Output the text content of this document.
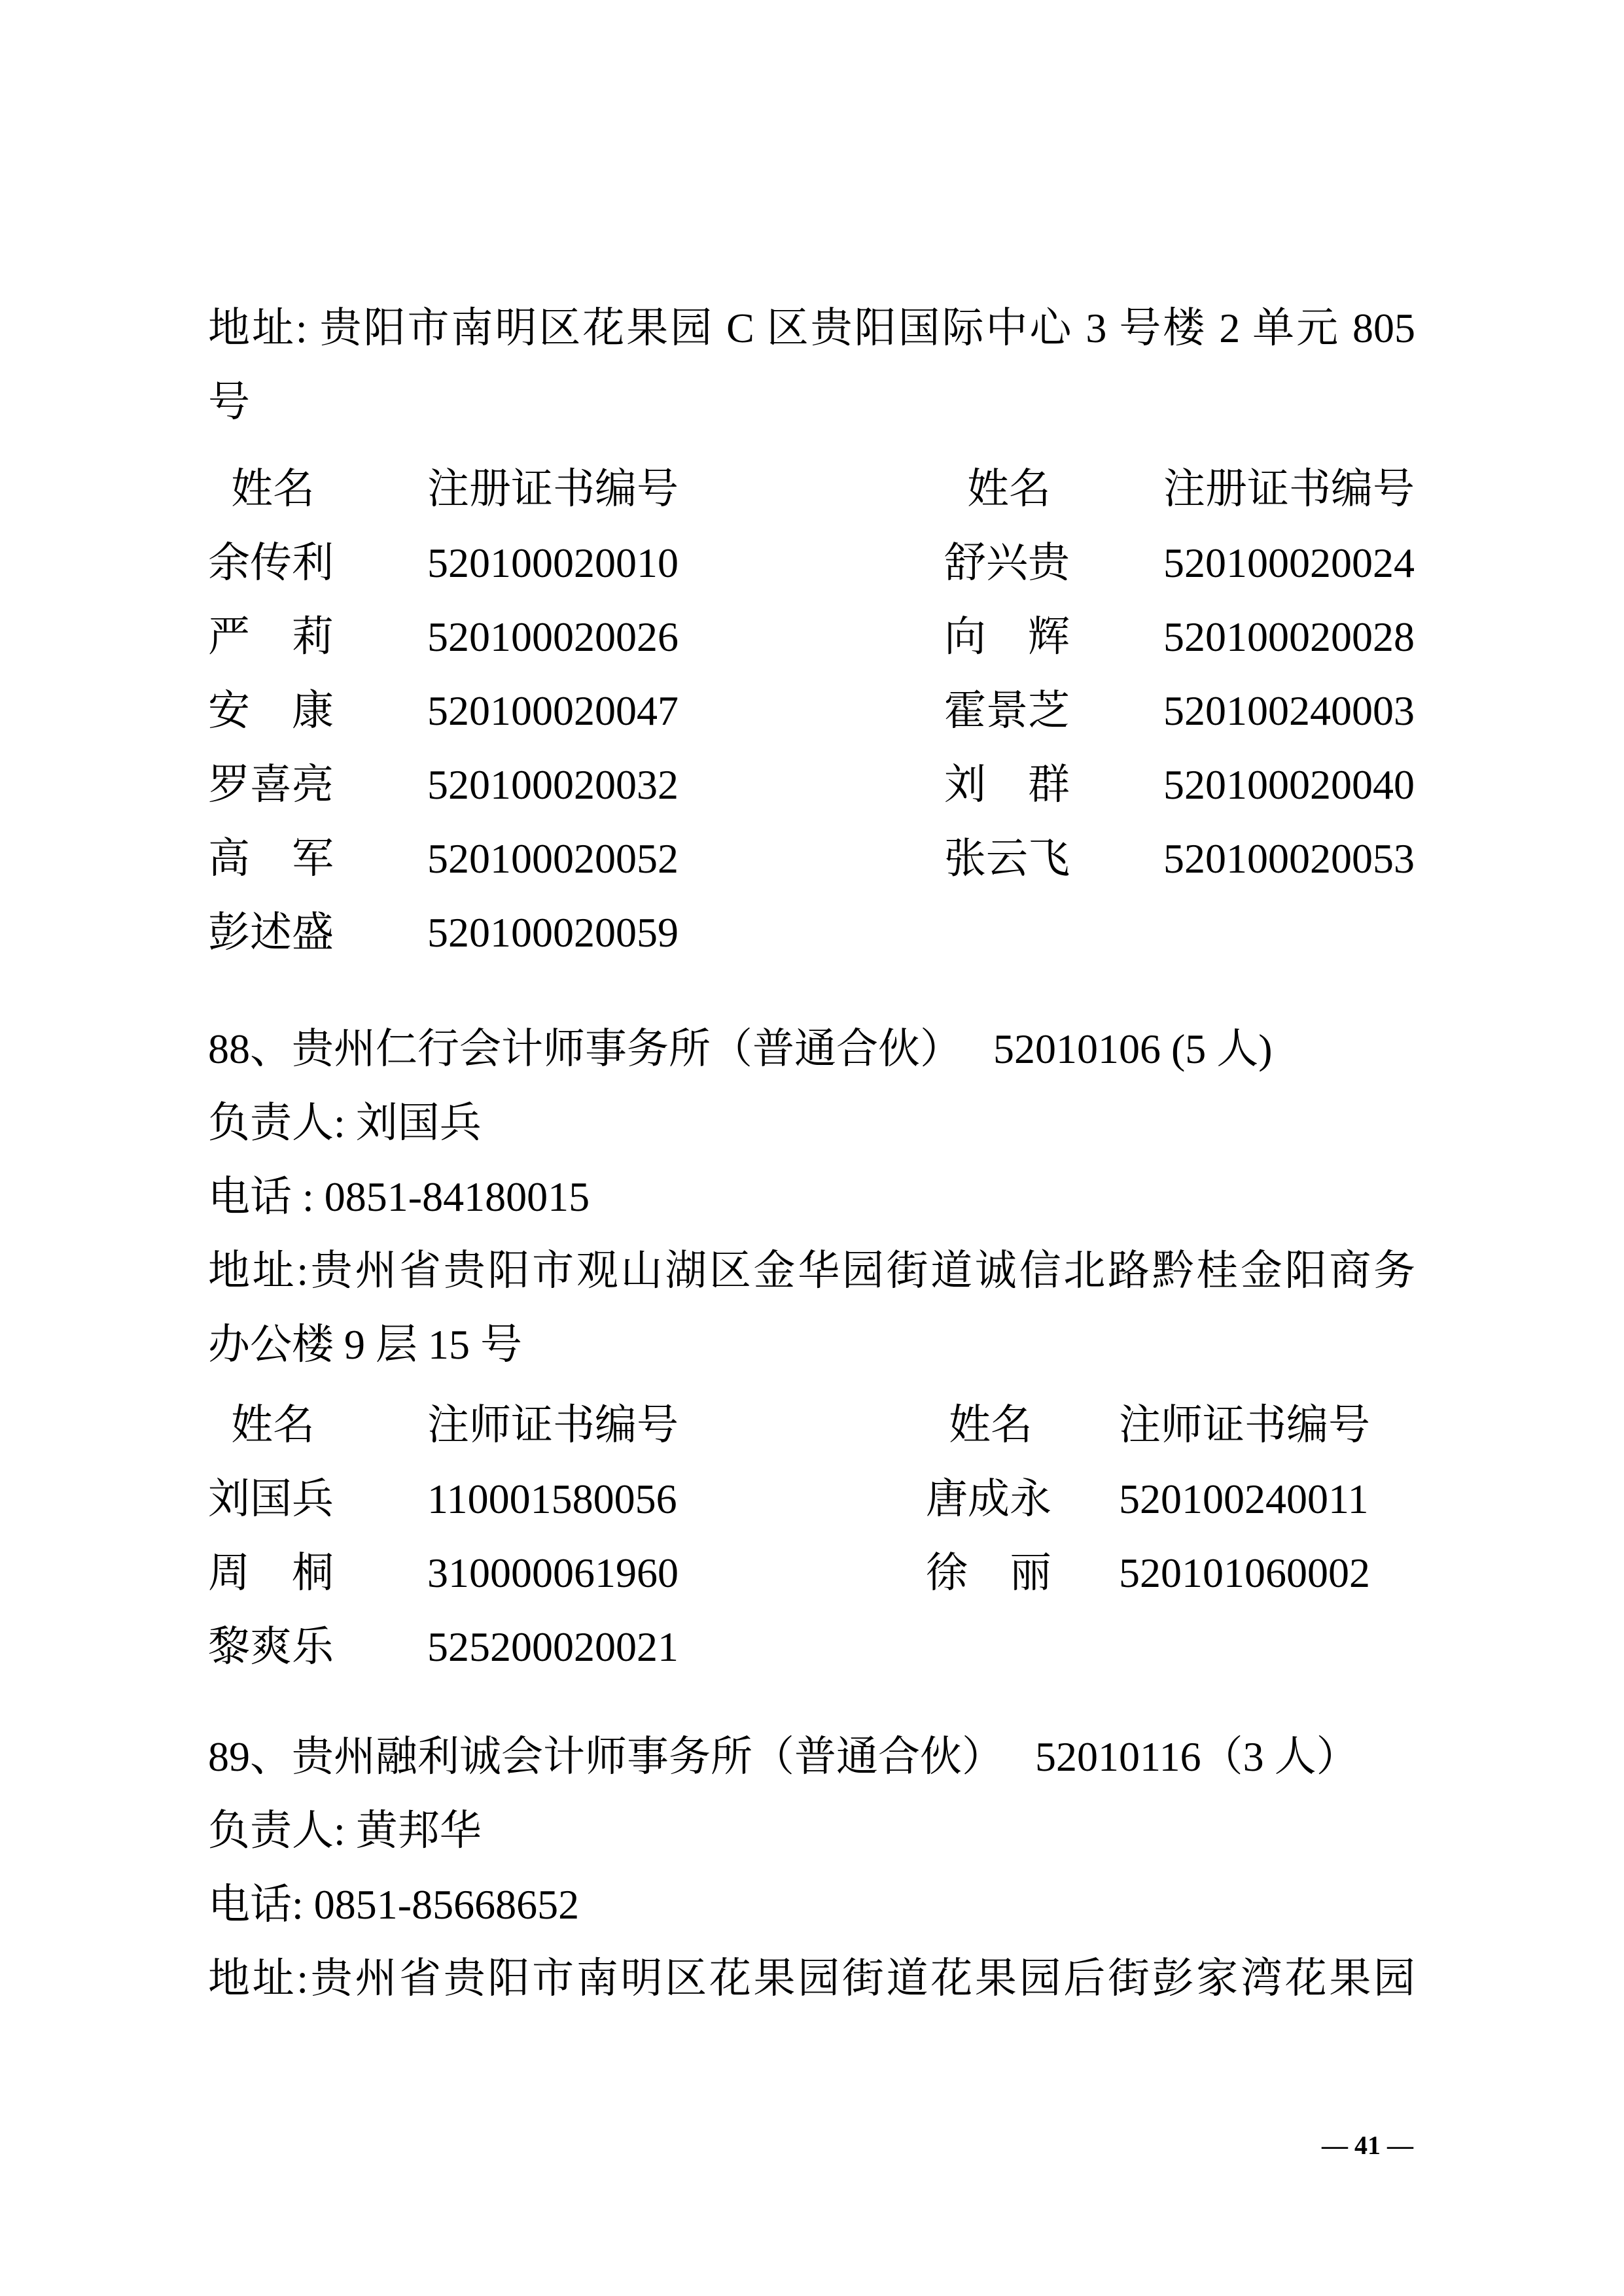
地址: 贵阳市南明区花果园 C 区贵阳国际中心 3 号楼 2 单元 805

号

姓名	注册证书编号	姓名	注册证书编号
余传利	520100020010	舒兴贵	520100020024
严　莉	520100020026	向　辉	520100020028
安　康	520100020047	霍景芝	520100240003
罗喜亮	520100020032	刘　群	520100020040
高　军	520100020052	张云飞	520100020053
彭述盛	520100020059

88、贵州仁行会计师事务所（普通合伙）　 52010106 (5 人)

负责人: 刘国兵

电话 : 0851-84180015

地址:贵州省贵阳市观山湖区金华园街道诚信北路黔桂金阳商务

办公楼 9 层 15 号

姓名	注师证书编号	姓名	注师证书编号
刘国兵	110001580056	唐成永	520100240011
周　桐	310000061960	徐　丽	520101060002
黎爽乐	525200020021

89、贵州融利诚会计师事务所（普通合伙）　 52010116（3 人）

负责人: 黄邦华

电话: 0851-85668652

地址:贵州省贵阳市南明区花果园街道花果园后街彭家湾花果园

— 41 —
